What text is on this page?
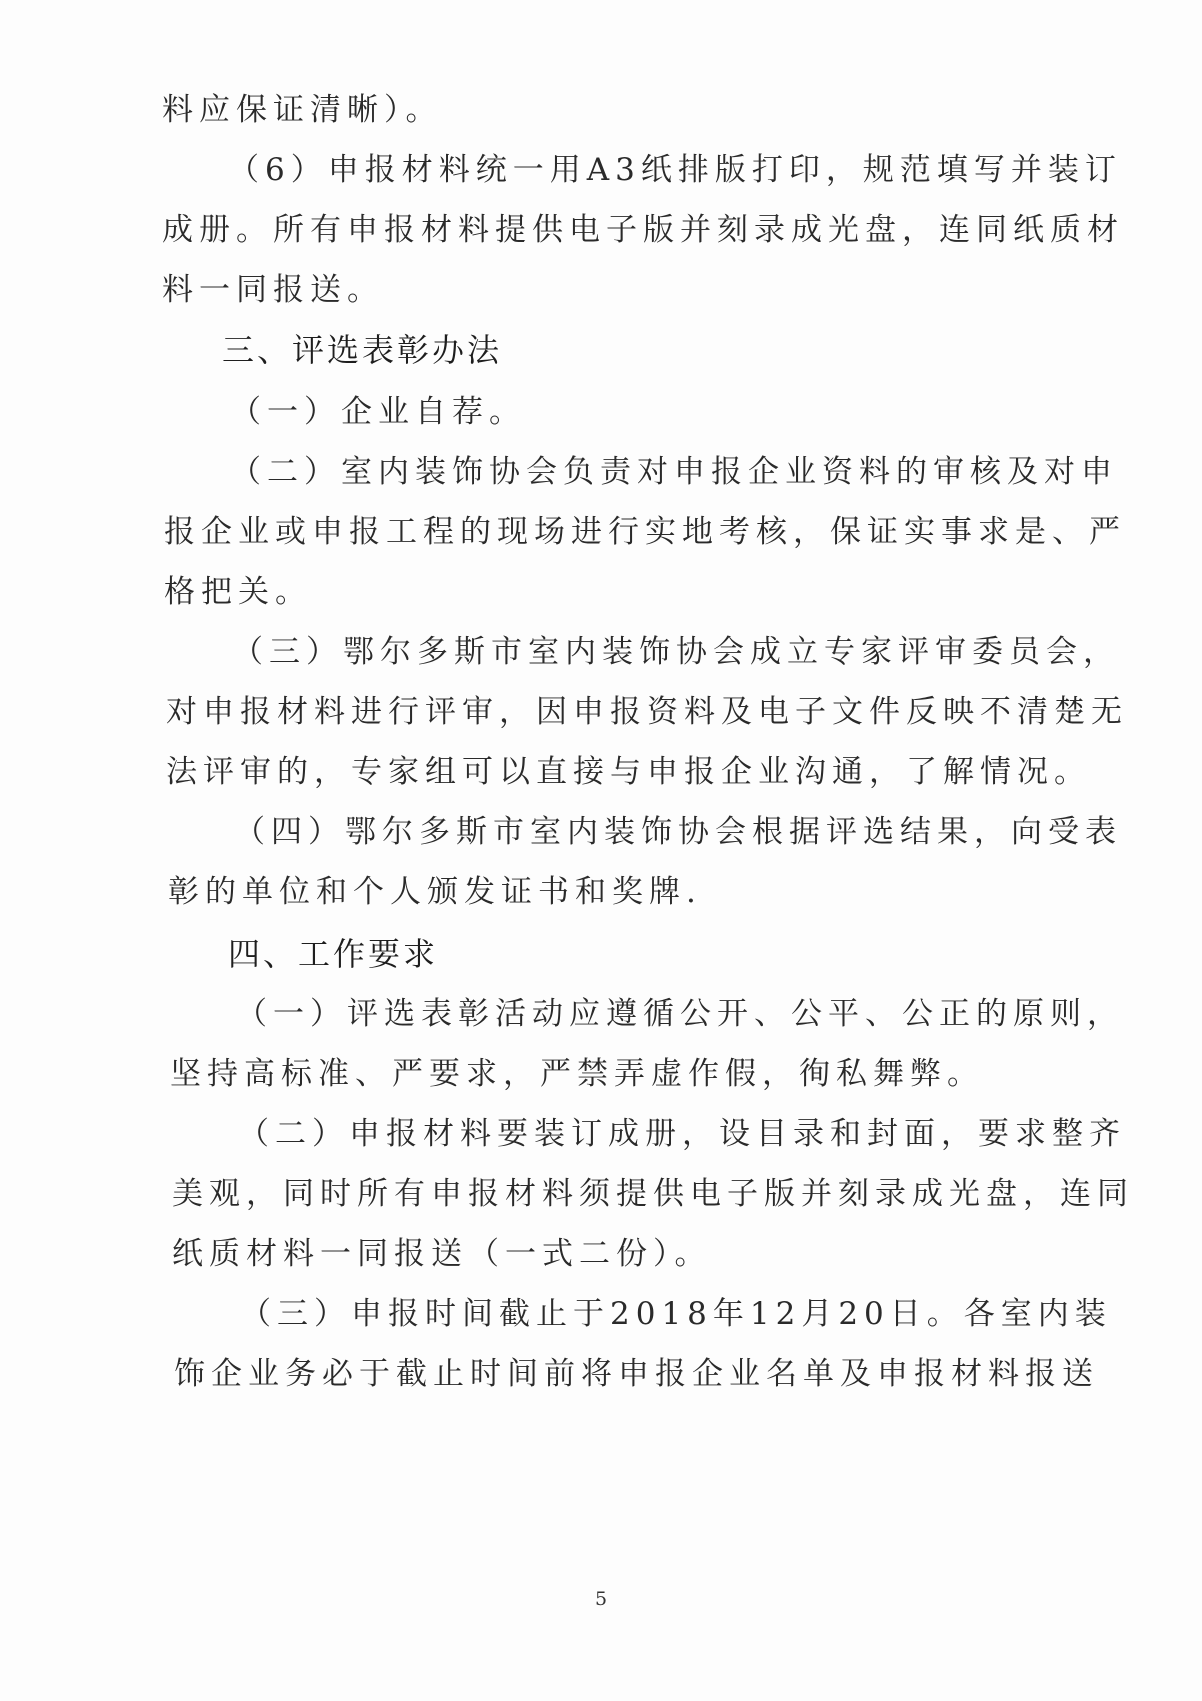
料应保证清晰）。
（6）申报材料统一用A3纸排版打印，规范填写并装订
成册。所有申报材料提供电子版并刻录成光盘，连同纸质材
料一同报送。
三、评选表彰办法
（一）企业自荐。
（二）室内装饰协会负责对申报企业资料的审核及对申
报企业或申报工程的现场进行实地考核，保证实事求是、严
格把关。
（三）鄂尔多斯市室内装饰协会成立专家评审委员会，
对申报材料进行评审，因申报资料及电子文件反映不清楚无
法评审的，专家组可以直接与申报企业沟通，了解情况。
（四）鄂尔多斯市室内装饰协会根据评选结果，向受表
彰的单位和个人颁发证书和奖牌.
四、工作要求
（一）评选表彰活动应遵循公开、公平、公正的原则，
坚持高标准、严要求，严禁弄虚作假，徇私舞弊。
（二）申报材料要装订成册，设目录和封面，要求整齐
美观，同时所有申报材料须提供电子版并刻录成光盘，连同
纸质材料一同报送（一式二份）。
（三）申报时间截止于2018年12月20日。各室内装
饰企业务必于截止时间前将申报企业名单及申报材料报送
5
